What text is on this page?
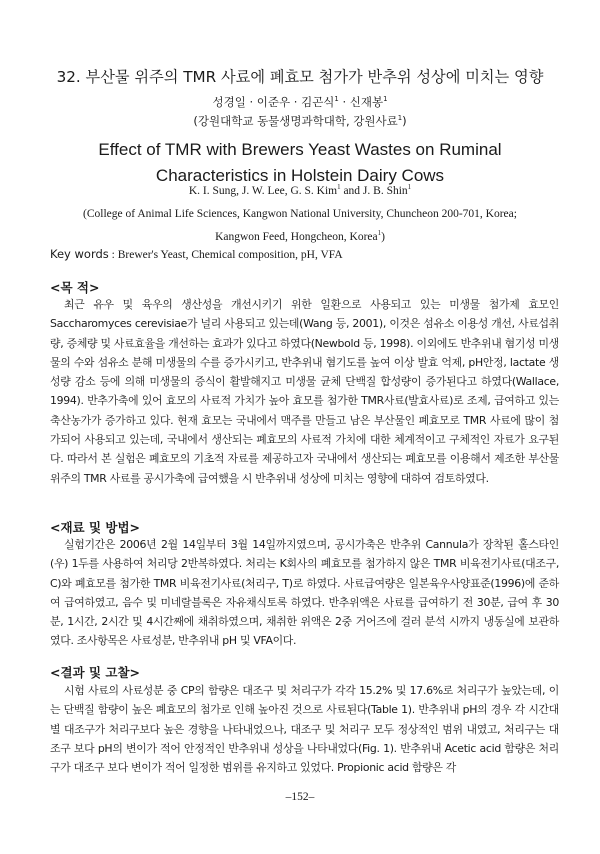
32. 부산물 위주의 TMR 사료에 폐효모 첨가가 반추위 성상에 미치는 영향
성경일 · 이준우 · 김곤식$^1$ · 신재봉$^1$
(강원대학교 동물생명과학대학, 강원사료$^1$)
Effect of TMR with Brewers Yeast Wastes on Ruminal Characteristics in Holstein Dairy Cows
K. I. Sung, J. W. Lee, G. S. Kim$^1$ and J. B. Shin$^1$
(College of Animal Life Sciences, Kangwon National University, Chuncheon 200-701, Korea;
Kangwon Feed, Hongcheon, Korea$^1$)
Key words : Brewer's Yeast, Chemical composition, pH, VFA
<목 적>

최근 유우 및 육우의 생산성을 개선시키기 위한 일환으로 사용되고 있는 미생물 첨가제 효모인 Saccharomyces cerevisiae가 널리 사용되고 있는데(Wang 등, 2001), 이것은 섬유소 이용성 개선, 사료섭취량, 증체량 및 사료효율을 개선하는 효과가 있다고 하였다(Newbold 등, 1998). 이외에도 반추위내 혐기성 미생물의 수와 섬유소 분해 미생물의 수를 증가시키고, 반추위내 혐기도를 높여 이상 발효 억제, pH안정, lactate 생성량 감소 등에 의해 미생물의 증식이 활발해지고 미생물 균체 단백질 합성량이 증가된다고 하였다(Wallace, 1994). 반추가축에 있어 효모의 사료적 가치가 높아 효모를 첨가한 TMR사료(발효사료)로 조제, 급여하고 있는 축산농가가 증가하고 있다. 현재 효모는 국내에서 맥주를 만들고 남은 부산물인 폐효모로 TMR 사료에 많이 첨가되어 사용되고 있는데, 국내에서 생산되는 폐효모의 사료적 가치에 대한 체계적이고 구체적인 자료가 요구된다. 따라서 본 실험은 폐효모의 기초적 자료를 제공하고자 국내에서 생산되는 폐효모를 이용해서 제조한 부산물 위주의 TMR 사료를 공시가축에 급여했을 시 반추위내 성상에 미치는 영향에 대하여 검토하였다.

<재료 및 방법>

실험기간은 2006년 2월 14일부터 3월 14일까지였으며, 공시가축은 반추위 Cannula가 장착된 홀스타인(우) 1두를 사용하여 처리당 2반복하였다. 처리는 K회사의 폐효모를 첨가하지 않은 TMR 비육전기사료(대조구, C)와 폐효모를 첨가한 TMR 비육전기사료(처리구, T)로 하였다. 사료급여량은 일본육우사양표준(1996)에 준하여 급여하였고, 음수 및 미네랄블록은 자유채식토록 하였다. 반추위액은 사료를 급여하기 전 30분, 급여 후 30분, 1시간, 2시간 및 4시간째에 채취하였으며, 채취한 위액은 2중 거어즈에 걸러 분석 시까지 냉동실에 보관하였다. 조사항목은 사료성분, 반추위내 pH 및 VFA이다.

<결과 및 고찰>

시험 사료의 사료성분 중 CP의 함량은 대조구 및 처리구가 각각 15.2% 및 17.6%로 처리구가 높았는데, 이는 단백질 함량이 높은 폐효모의 첨가로 인해 높아진 것으로 사료된다(Table 1). 반추위내 pH의 경우 각 시간대별 대조구가 처리구보다 높은 경향을 나타내었으나, 대조구 및 처리구 모두 정상적인 범위 내였고, 처리구는 대조구 보다 pH의 변이가 적어 안정적인 반추위내 성상을 나타내었다(Fig. 1). 반추위내 Acetic acid 함량은 처리구가 대조구 보다 변이가 적어 일정한 범위를 유지하고 있었다. Propionic acid 함량은 각

–152–
